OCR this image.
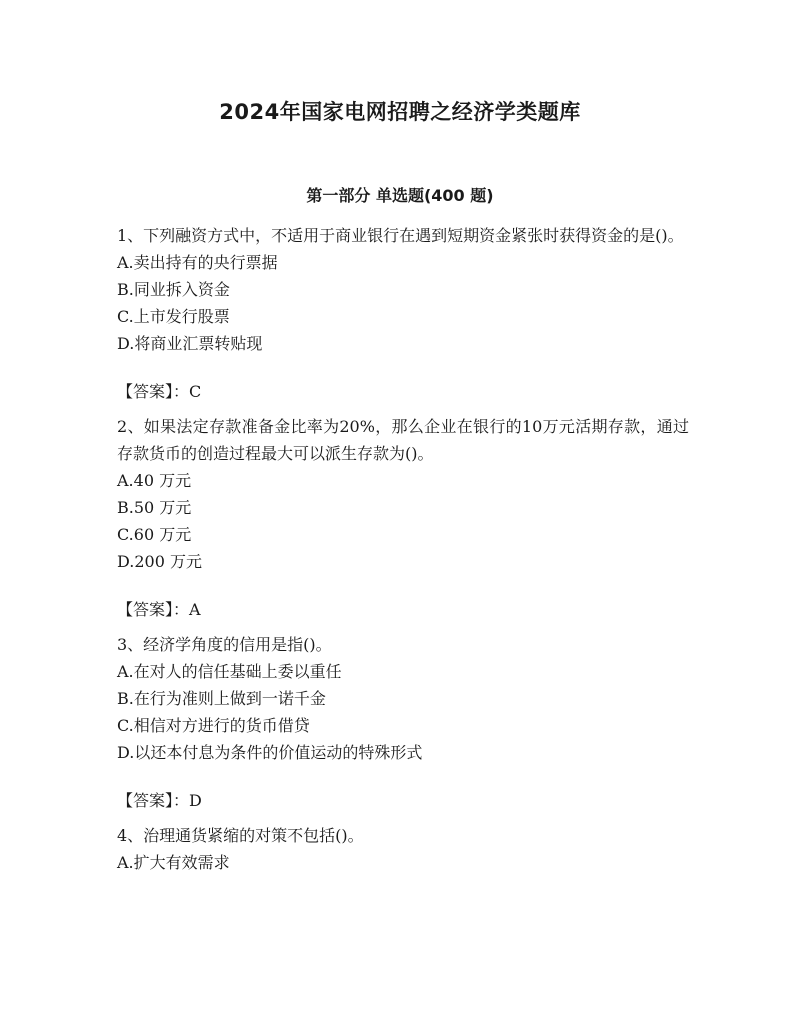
2024年国家电网招聘之经济学类题库
第一部分 单选题(400 题)

1、下列融资方式中，不适用于商业银行在遇到短期资金紧张时获得资金的是()。

A.卖出持有的央行票据

B.同业拆入资金

C.上市发行股票

D.将商业汇票转贴现

【答案】：C

2、如果法定存款准备金比率为20%，那么企业在银行的10万元活期存款，通过存款货币的创造过程最大可以派生存款为()。

A.40 万元

B.50 万元

C.60 万元

D.200 万元

【答案】：A

3、经济学角度的信用是指()。

A.在对人的信任基础上委以重任

B.在行为准则上做到一诺千金

C.相信对方进行的货币借贷

D.以还本付息为条件的价值运动的特殊形式

【答案】：D

4、治理通货紧缩的对策不包括()。

A.扩大有效需求
